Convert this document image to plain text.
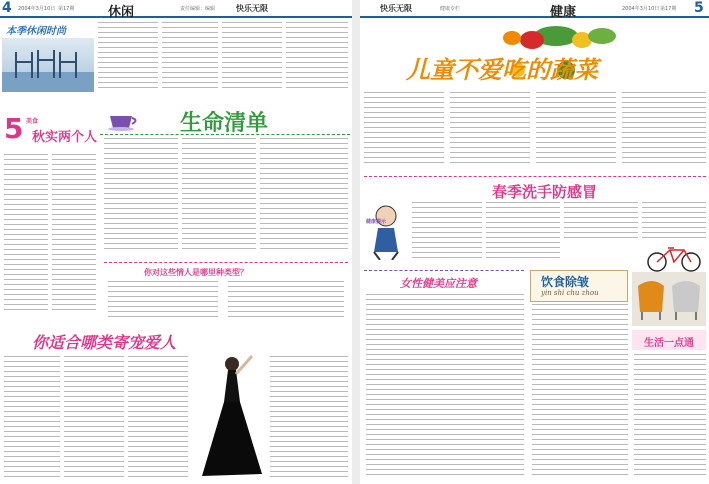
4 2004年3月10日 第17期	休闲	责任编辑：编辑	快乐无限
本季休闲时尚
5 美食
秋实两个人
生命清单
你对这些情人是哪里种类型？
你适合哪类寄宠爱人
快乐无限	健康专栏	健康	2004年3月10日 第17期 5
儿童不爱吃的蔬菜
春季洗手防感冒
健康提示
女性健美应注意	饮食除皱
yin shi chu zhou
生活一点通
